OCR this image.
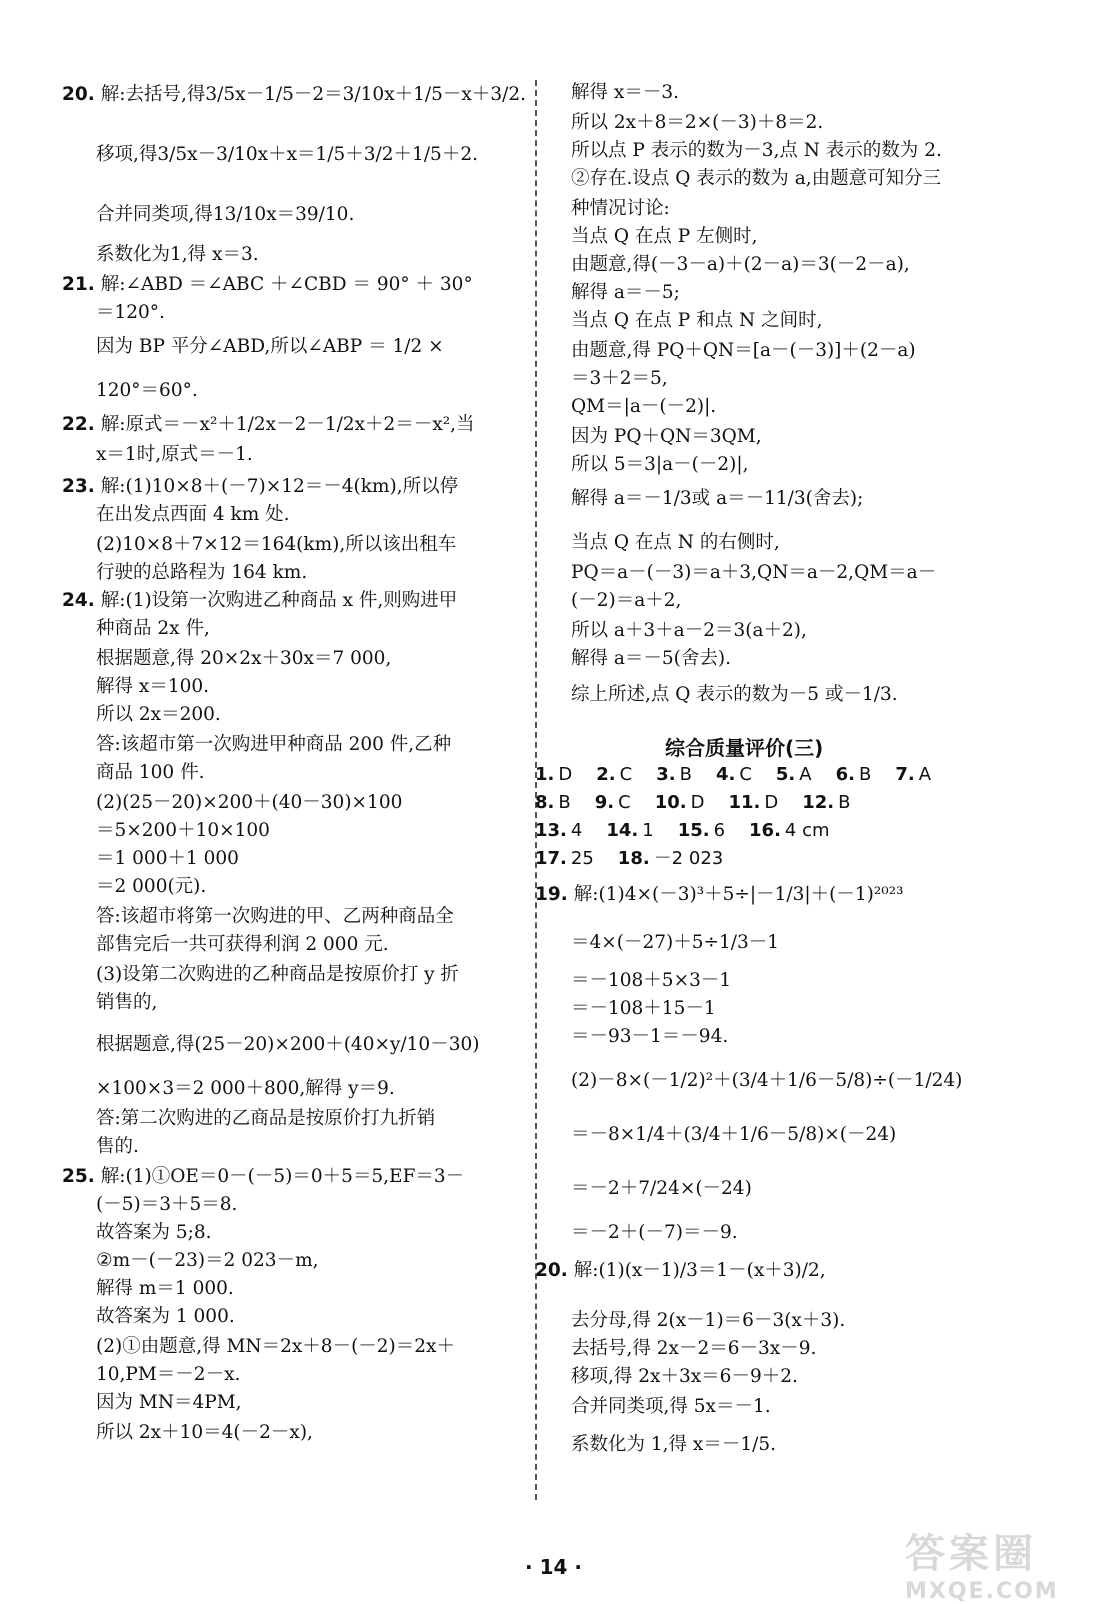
20. 解:去括号,得3/5x－1/5－2＝3/10x＋1/5－x＋3/2.
移项,得3/5x－3/10x＋x＝1/5＋3/2＋1/5＋2.
合并同类项,得13/10x＝39/10.
系数化为1,得 x＝3.
21. 解:∠ABD ＝∠ABC ＋∠CBD ＝ 90° ＋ 30°
＝120°.
因为 BP 平分∠ABD,所以∠ABP ＝ 1/2 ×
120°＝60°.
22. 解:原式＝－x²＋1/2x－2－1/2x＋2＝－x²,当
x＝1时,原式＝－1.
23. 解:(1)10×8＋(－7)×12＝－4(km),所以停
在出发点西面 4 km 处.
(2)10×8＋7×12＝164(km),所以该出租车
行驶的总路程为 164 km.
24. 解:(1)设第一次购进乙种商品 x 件,则购进甲
种商品 2x 件,
根据题意,得 20×2x＋30x＝7 000,
解得 x＝100.
所以 2x＝200.
答:该超市第一次购进甲种商品 200 件,乙种
商品 100 件.
(2)(25－20)×200＋(40－30)×100
＝5×200＋10×100
＝1 000＋1 000
＝2 000(元).
答:该超市将第一次购进的甲、乙两种商品全
部售完后一共可获得利润 2 000 元.
(3)设第二次购进的乙种商品是按原价打 y 折
销售的,
根据题意,得(25－20)×200＋(40×y/10－30)
×100×3＝2 000＋800,解得 y＝9.
答:第二次购进的乙商品是按原价打九折销
售的.
25. 解:(1)①OE＝0－(－5)＝0＋5＝5,EF＝3－
(－5)＝3＋5＝8.
故答案为 5;8.
②m－(－23)＝2 023－m,
解得 m＝1 000.
故答案为 1 000.
(2)①由题意,得 MN＝2x＋8－(－2)＝2x＋
10,PM＝－2－x.
因为 MN＝4PM,
所以 2x＋10＝4(－2－x),
解得 x＝－3.
所以 2x＋8＝2×(－3)＋8＝2.
所以点 P 表示的数为－3,点 N 表示的数为 2.
②存在.设点 Q 表示的数为 a,由题意可知分三
种情况讨论:
当点 Q 在点 P 左侧时,
由题意,得(－3－a)＋(2－a)＝3(－2－a),
解得 a＝－5;
当点 Q 在点 P 和点 N 之间时,
由题意,得 PQ＋QN＝[a－(－3)]＋(2－a)
＝3＋2＝5,
QM＝|a－(－2)|.
因为 PQ＋QN＝3QM,
所以 5＝3|a－(－2)|,
解得 a＝－1/3或 a＝－11/3(舍去);
当点 Q 在点 N 的右侧时,
PQ＝a－(－3)＝a＋3,QN＝a－2,QM＝a－
(－2)＝a＋2,
所以 a＋3＋a－2＝3(a＋2),
解得 a＝－5(舍去).
综上所述,点 Q 表示的数为－5 或－1/3.
综合质量评价(三)
1. D 2. C 3. B 4. C 5. A 6. B 7. A
8. B 9. C 10. D 11. D 12. B
13. 4 14. 1 15. 6 16. 4 cm
17. 25 18. －2 023
19. 解:(1)4×(－3)³＋5÷|－1/3|＋(－1)²⁰²³
＝4×(－27)＋5÷1/3－1
＝－108＋5×3－1
＝－108＋15－1
＝－93－1＝－94.
(2)－8×(－1/2)²＋(3/4＋1/6－5/8)÷(－1/24)
＝－8×1/4＋(3/4＋1/6－5/8)×(－24)
＝－2＋7/24×(－24)
＝－2＋(－7)＝－9.
20. 解:(1)(x－1)/3＝1－(x＋3)/2,
去分母,得 2(x－1)＝6－3(x＋3).
去括号,得 2x－2＝6－3x－9.
移项,得 2x＋3x＝6－9＋2.
合并同类项,得 5x＝－1.
系数化为 1,得 x＝－1/5.
· 14 ·	答案圈
MXQE.COM
